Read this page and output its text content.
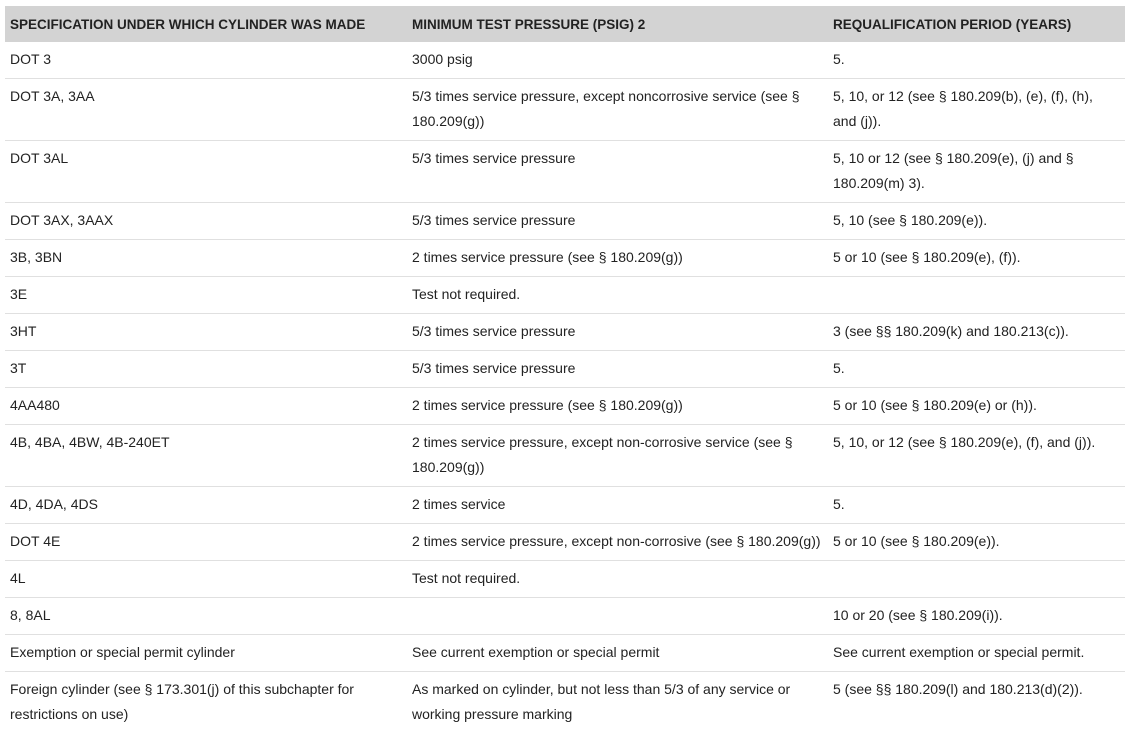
SPECIFICATION UNDER WHICH CYLINDER WAS MADE	MINIMUM TEST PRESSURE (PSIG) 2	REQUALIFICATION PERIOD (YEARS)
DOT 3	3000 psig	5.
DOT 3A, 3AA	5/3 times service pressure, except noncorrosive service (see § 180.209(g))	5, 10, or 12 (see § 180.209(b), (e), (f), (h), and (j)).
DOT 3AL	5/3 times service pressure	5, 10 or 12 (see § 180.209(e), (j) and § 180.209(m) 3).
DOT 3AX, 3AAX	5/3 times service pressure	5, 10 (see § 180.209(e)).
3B, 3BN	2 times service pressure (see § 180.209(g))	5 or 10 (see § 180.209(e), (f)).
3E	Test not required.	
3HT	5/3 times service pressure	3 (see §§ 180.209(k) and 180.213(c)).
3T	5/3 times service pressure	5.
4AA480	2 times service pressure (see § 180.209(g))	5 or 10 (see § 180.209(e) or (h)).
4B, 4BA, 4BW, 4B-240ET	2 times service pressure, except non-corrosive service (see § 180.209(g))	5, 10, or 12 (see § 180.209(e), (f), and (j)).
4D, 4DA, 4DS	2 times service	5.
DOT 4E	2 times service pressure, except non-corrosive (see § 180.209(g))	5 or 10 (see § 180.209(e)).
4L	Test not required.	
8, 8AL		10 or 20 (see § 180.209(i)).
Exemption or special permit cylinder	See current exemption or special permit	See current exemption or special permit.
Foreign cylinder (see § 173.301(j) of this subchapter for restrictions on use)	As marked on cylinder, but not less than 5/3 of any service or working pressure marking	5 (see §§ 180.209(l) and 180.213(d)(2)).
